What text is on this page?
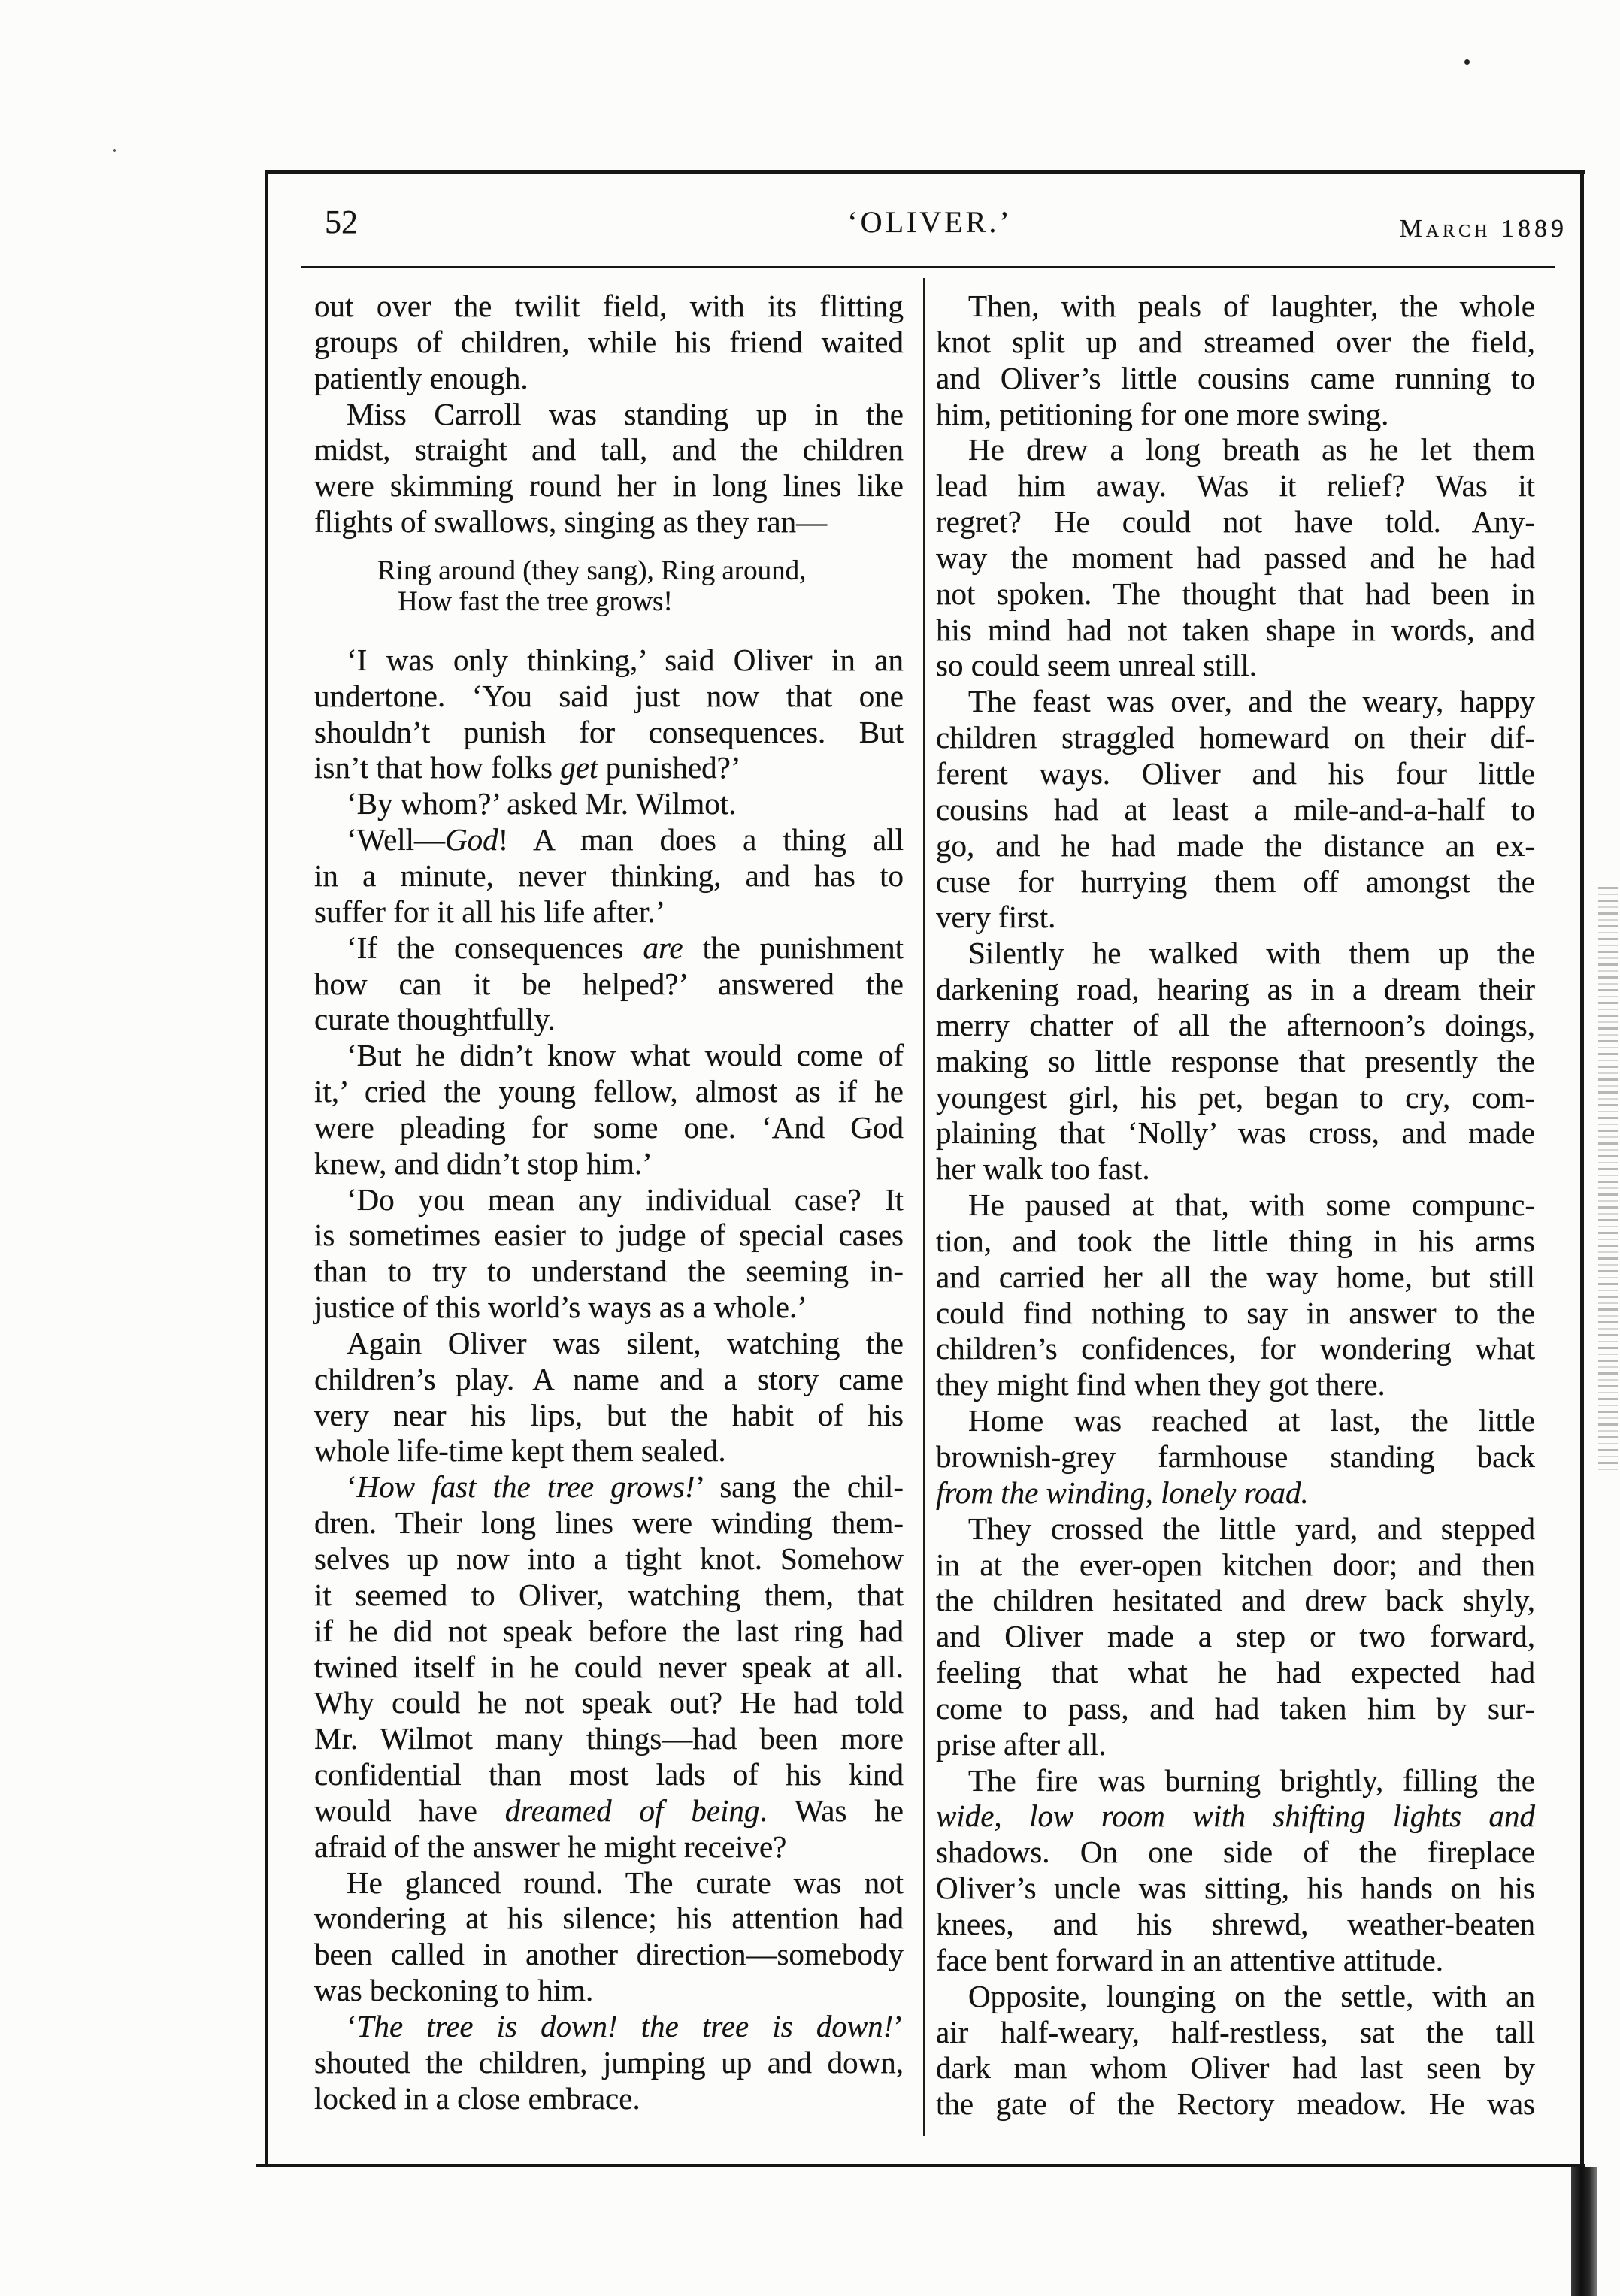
52	‘OLIVER.’	March 1889
out over the twilit field, with its flitting
groups of children, while his friend waited
patiently enough.
Miss Carroll was standing up in the
midst, straight and tall, and the children
were skimming round her in long lines like
flights of swallows, singing as they ran—
Ring around (they sang), Ring around,
How fast the tree grows!
‘I was only thinking,’ said Oliver in an
undertone. ‘You said just now that one
shouldn’t punish for consequences. But
isn’t that how folks get punished?’
‘By whom?’ asked Mr. Wilmot.
‘Well—God! A man does a thing all
in a minute, never thinking, and has to
suffer for it all his life after.’
‘If the consequences are the punishment
how can it be helped?’ answered the
curate thoughtfully.
‘But he didn’t know what would come of
it,’ cried the young fellow, almost as if he
were pleading for some one. ‘And God
knew, and didn’t stop him.’
‘Do you mean any individual case? It
is sometimes easier to judge of special cases
than to try to understand the seeming in-
justice of this world’s ways as a whole.’
Again Oliver was silent, watching the
children’s play. A name and a story came
very near his lips, but the habit of his
whole life-time kept them sealed.
‘How fast the tree grows!’ sang the chil-
dren. Their long lines were winding them-
selves up now into a tight knot. Somehow
it seemed to Oliver, watching them, that
if he did not speak before the last ring had
twined itself in he could never speak at all.
Why could he not speak out? He had told
Mr. Wilmot many things—had been more
confidential than most lads of his kind
would have dreamed of being. Was he
afraid of the answer he might receive?
He glanced round. The curate was not
wondering at his silence; his attention had
been called in another direction—somebody
was beckoning to him.
‘The tree is down! the tree is down!’
shouted the children, jumping up and down,
locked in a close embrace.
Then, with peals of laughter, the whole
knot split up and streamed over the field,
and Oliver’s little cousins came running to
him, petitioning for one more swing.
He drew a long breath as he let them
lead him away. Was it relief? Was it
regret? He could not have told. Any-
way the moment had passed and he had
not spoken. The thought that had been in
his mind had not taken shape in words, and
so could seem unreal still.
The feast was over, and the weary, happy
children straggled homeward on their dif-
ferent ways. Oliver and his four little
cousins had at least a mile-and-a-half to
go, and he had made the distance an ex-
cuse for hurrying them off amongst the
very first.
Silently he walked with them up the
darkening road, hearing as in a dream their
merry chatter of all the afternoon’s doings,
making so little response that presently the
youngest girl, his pet, began to cry, com-
plaining that ‘Nolly’ was cross, and made
her walk too fast.
He paused at that, with some compunc-
tion, and took the little thing in his arms
and carried her all the way home, but still
could find nothing to say in answer to the
children’s confidences, for wondering what
they might find when they got there.
Home was reached at last, the little
brownish-grey farmhouse standing back
from the winding, lonely road.
They crossed the little yard, and stepped
in at the ever-open kitchen door; and then
the children hesitated and drew back shyly,
and Oliver made a step or two forward,
feeling that what he had expected had
come to pass, and had taken him by sur-
prise after all.
The fire was burning brightly, filling the
wide, low room with shifting lights and
shadows. On one side of the fireplace
Oliver’s uncle was sitting, his hands on his
knees, and his shrewd, weather-beaten
face bent forward in an attentive attitude.
Opposite, lounging on the settle, with an
air half-weary, half-restless, sat the tall
dark man whom Oliver had last seen by
the gate of the Rectory meadow. He was
